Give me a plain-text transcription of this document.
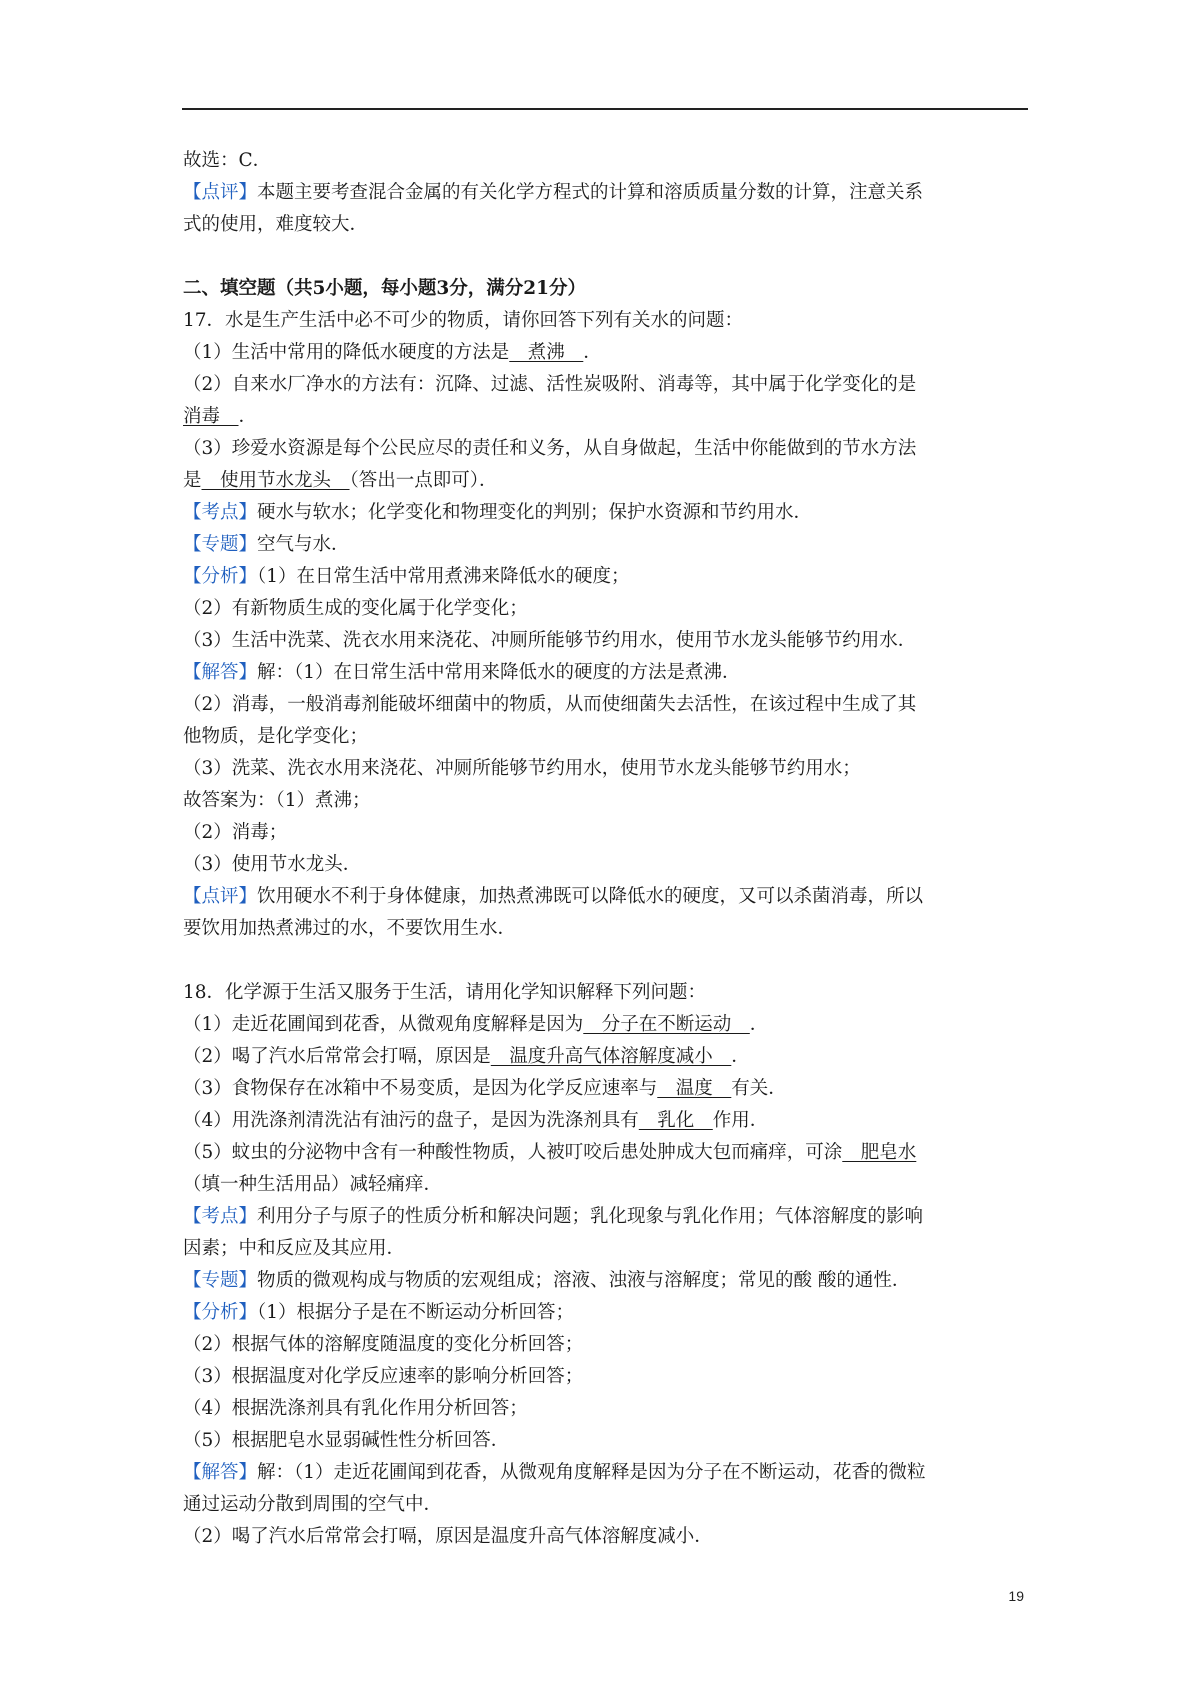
故选：C．
【点评】本题主要考查混合金属的有关化学方程式的计算和溶质质量分数的计算，注意关系
式的使用，难度较大．
二、填空题（共5小题，每小题3分，满分21分）
17．水是生产生活中必不可少的物质，请你回答下列有关水的问题：
（1）生活中常用的降低水硬度的方法是　煮沸　．
（2）自来水厂净水的方法有：沉降、过滤、活性炭吸附、消毒等，其中属于化学变化的是
消毒　．
（3）珍爱水资源是每个公民应尽的责任和义务，从自身做起，生活中你能做到的节水方法
是　使用节水龙头　（答出一点即可）．
【考点】硬水与软水；化学变化和物理变化的判别；保护水资源和节约用水．
【专题】空气与水．
【分析】（1）在日常生活中常用煮沸来降低水的硬度；
（2）有新物质生成的变化属于化学变化；
（3）生活中洗菜、洗衣水用来浇花、冲厕所能够节约用水，使用节水龙头能够节约用水．
【解答】解：（1）在日常生活中常用来降低水的硬度的方法是煮沸．
（2）消毒，一般消毒剂能破坏细菌中的物质，从而使细菌失去活性，在该过程中生成了其
他物质，是化学变化；
（3）洗菜、洗衣水用来浇花、冲厕所能够节约用水，使用节水龙头能够节约用水；
故答案为：（1）煮沸；
（2）消毒；
（3）使用节水龙头．
【点评】饮用硬水不利于身体健康，加热煮沸既可以降低水的硬度，又可以杀菌消毒，所以
要饮用加热煮沸过的水，不要饮用生水．
18．化学源于生活又服务于生活，请用化学知识解释下列问题：
（1）走近花圃闻到花香，从微观角度解释是因为　分子在不断运动　．
（2）喝了汽水后常常会打嗝，原因是　温度升高气体溶解度减小　．
（3）食物保存在冰箱中不易变质，是因为化学反应速率与　温度　有关．
（4）用洗涤剂清洗沾有油污的盘子，是因为洗涤剂具有　乳化　作用．
（5）蚊虫的分泌物中含有一种酸性物质，人被叮咬后患处肿成大包而痛痒，可涂　肥皂水
（填一种生活用品）减轻痛痒．
【考点】利用分子与原子的性质分析和解决问题；乳化现象与乳化作用；气体溶解度的影响
因素；中和反应及其应用．
【专题】物质的微观构成与物质的宏观组成；溶液、浊液与溶解度；常见的酸 酸的通性．
【分析】（1）根据分子是在不断运动分析回答；
（2）根据气体的溶解度随温度的变化分析回答；
（3）根据温度对化学反应速率的影响分析回答；
（4）根据洗涤剂具有乳化作用分析回答；
（5）根据肥皂水显弱碱性性分析回答．
【解答】解：（1）走近花圃闻到花香，从微观角度解释是因为分子在不断运动，花香的微粒
通过运动分散到周围的空气中．
（2）喝了汽水后常常会打嗝，原因是温度升高气体溶解度减小．
19
